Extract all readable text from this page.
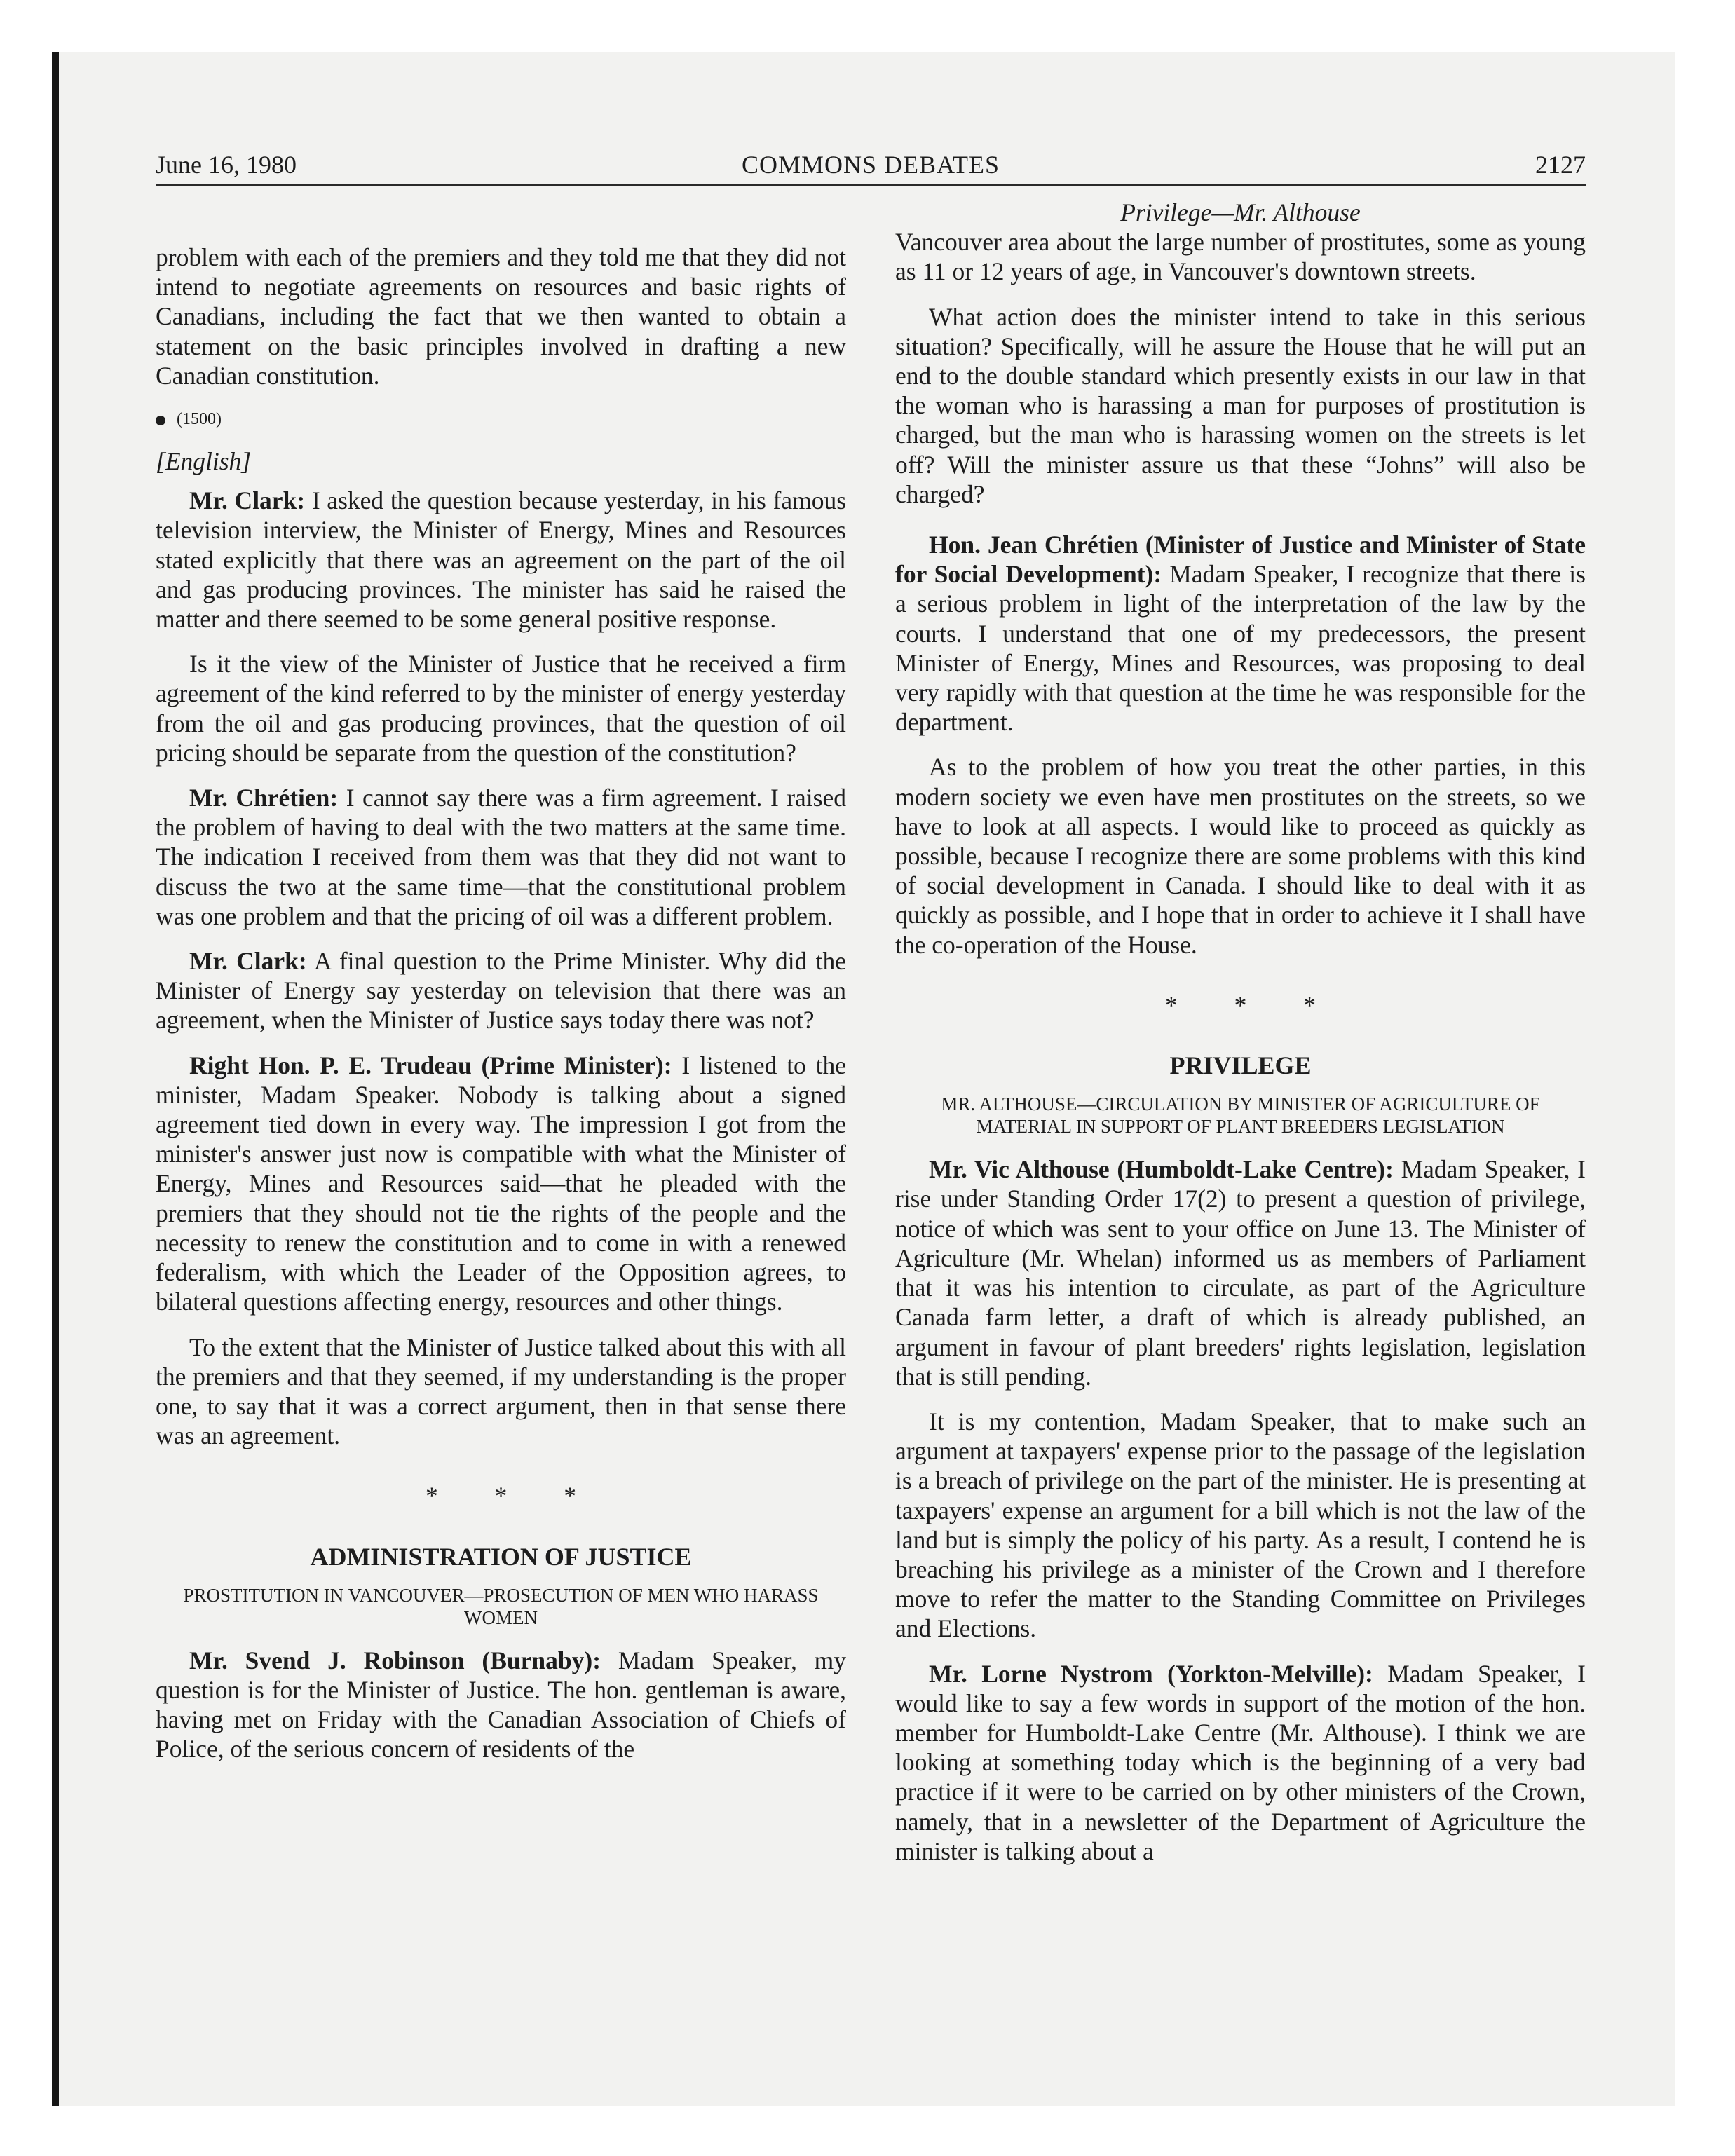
June 16, 1980	COMMONS DEBATES	2127

problem with each of the premiers and they told me that they did not intend to negotiate agreements on resources and basic rights of Canadians, including the fact that we then wanted to obtain a statement on the basic principles involved in drafting a new Canadian constitution.

(1500)
[English]

Mr. Clark: I asked the question because yesterday, in his famous television interview, the Minister of Energy, Mines and Resources stated explicitly that there was an agreement on the part of the oil and gas producing provinces. The minister has said he raised the matter and there seemed to be some general positive response.

Is it the view of the Minister of Justice that he received a firm agreement of the kind referred to by the minister of energy yesterday from the oil and gas producing provinces, that the question of oil pricing should be separate from the question of the constitution?

Mr. Chrétien: I cannot say there was a firm agreement. I raised the problem of having to deal with the two matters at the same time. The indication I received from them was that they did not want to discuss the two at the same time—that the constitutional problem was one problem and that the pricing of oil was a different problem.

Mr. Clark: A final question to the Prime Minister. Why did the Minister of Energy say yesterday on television that there was an agreement, when the Minister of Justice says today there was not?

Right Hon. P. E. Trudeau (Prime Minister): I listened to the minister, Madam Speaker. Nobody is talking about a signed agreement tied down in every way. The impression I got from the minister's answer just now is compatible with what the Minister of Energy, Mines and Resources said—that he pleaded with the premiers that they should not tie the rights of the people and the necessity to renew the constitution and to come in with a renewed federalism, with which the Leader of the Opposition agrees, to bilateral questions affecting energy, resources and other things.

To the extent that the Minister of Justice talked about this with all the premiers and that they seemed, if my understanding is the proper one, to say that it was a correct argument, then in that sense there was an agreement.

* * *
ADMINISTRATION OF JUSTICE
PROSTITUTION IN VANCOUVER—PROSECUTION OF MEN WHO HARASS WOMEN

Mr. Svend J. Robinson (Burnaby): Madam Speaker, my question is for the Minister of Justice. The hon. gentleman is aware, having met on Friday with the Canadian Association of Chiefs of Police, of the serious concern of residents of the

Privilege—Mr. Althouse

Vancouver area about the large number of prostitutes, some as young as 11 or 12 years of age, in Vancouver's downtown streets.

What action does the minister intend to take in this serious situation? Specifically, will he assure the House that he will put an end to the double standard which presently exists in our law in that the woman who is harassing a man for purposes of prostitution is charged, but the man who is harassing women on the streets is let off? Will the minister assure us that these “Johns” will also be charged?

Hon. Jean Chrétien (Minister of Justice and Minister of State for Social Development): Madam Speaker, I recognize that there is a serious problem in light of the interpretation of the law by the courts. I understand that one of my predecessors, the present Minister of Energy, Mines and Resources, was proposing to deal very rapidly with that question at the time he was responsible for the department.

As to the problem of how you treat the other parties, in this modern society we even have men prostitutes on the streets, so we have to look at all aspects. I would like to proceed as quickly as possible, because I recognize there are some problems with this kind of social development in Canada. I should like to deal with it as quickly as possible, and I hope that in order to achieve it I shall have the co-operation of the House.

* * *
PRIVILEGE
MR. ALTHOUSE—CIRCULATION BY MINISTER OF AGRICULTURE OF MATERIAL IN SUPPORT OF PLANT BREEDERS LEGISLATION

Mr. Vic Althouse (Humboldt-Lake Centre): Madam Speaker, I rise under Standing Order 17(2) to present a question of privilege, notice of which was sent to your office on June 13. The Minister of Agriculture (Mr. Whelan) informed us as members of Parliament that it was his intention to circulate, as part of the Agriculture Canada farm letter, a draft of which is already published, an argument in favour of plant breeders' rights legislation, legislation that is still pending.

It is my contention, Madam Speaker, that to make such an argument at taxpayers' expense prior to the passage of the legislation is a breach of privilege on the part of the minister. He is presenting at taxpayers' expense an argument for a bill which is not the law of the land but is simply the policy of his party. As a result, I contend he is breaching his privilege as a minister of the Crown and I therefore move to refer the matter to the Standing Committee on Privileges and Elections.

Mr. Lorne Nystrom (Yorkton-Melville): Madam Speaker, I would like to say a few words in support of the motion of the hon. member for Humboldt-Lake Centre (Mr. Althouse). I think we are looking at something today which is the beginning of a very bad practice if it were to be carried on by other ministers of the Crown, namely, that in a newsletter of the Department of Agriculture the minister is talking about a
